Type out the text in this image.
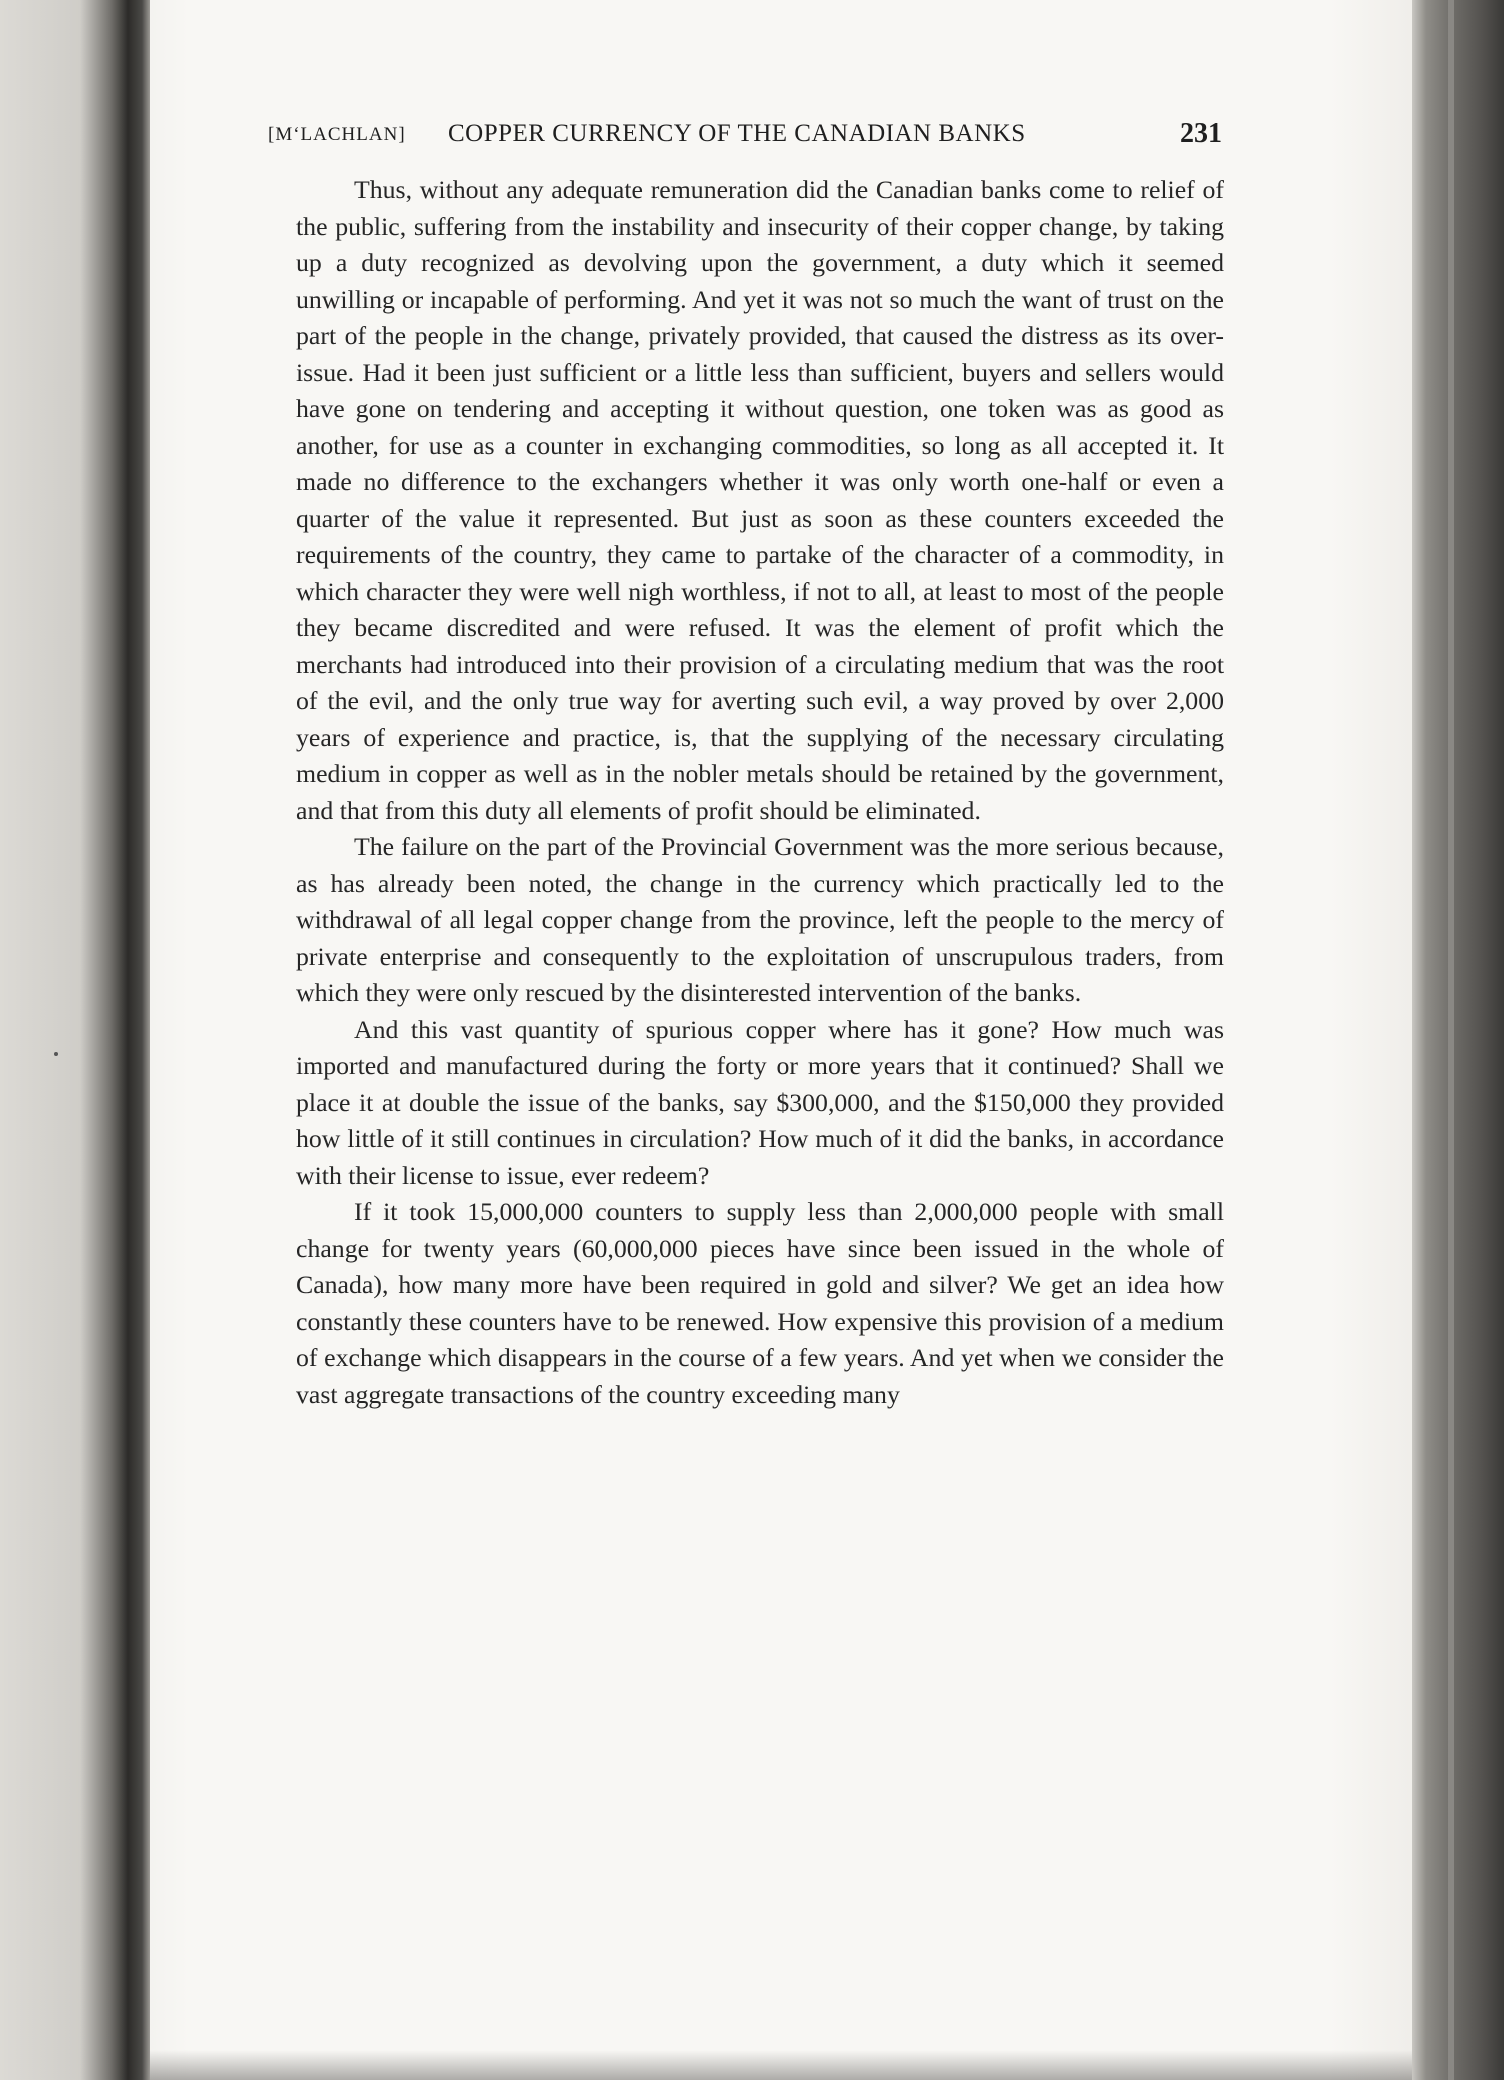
[M‘LACHLAN] COPPER CURRENCY OF THE CANADIAN BANKS	231

Thus, without any adequate remuneration did the Canadian banks come to relief of the public, suffering from the instability and insecurity of their copper change, by taking up a duty recognized as devolving upon the government, a duty which it seemed unwilling or incapable of performing. And yet it was not so much the want of trust on the part of the people in the change, privately provided, that caused the distress as its over-issue. Had it been just sufficient or a little less than sufficient, buyers and sellers would have gone on tendering and accepting it without question, one token was as good as another, for use as a counter in exchanging commodities, so long as all accepted it. It made no difference to the exchangers whether it was only worth one-half or even a quarter of the value it represented. But just as soon as these counters exceeded the requirements of the country, they came to partake of the character of a commodity, in which character they were well nigh worthless, if not to all, at least to most of the people they became discredited and were refused. It was the element of profit which the merchants had introduced into their provision of a circulating medium that was the root of the evil, and the only true way for averting such evil, a way proved by over 2,000 years of experience and practice, is, that the supplying of the necessary circulating medium in copper as well as in the nobler metals should be retained by the government, and that from this duty all elements of profit should be eliminated.

The failure on the part of the Provincial Government was the more serious because, as has already been noted, the change in the currency which practically led to the withdrawal of all legal copper change from the province, left the people to the mercy of private enterprise and consequently to the exploitation of unscrupulous traders, from which they were only rescued by the disinterested intervention of the banks.

And this vast quantity of spurious copper where has it gone? How much was imported and manufactured during the forty or more years that it continued? Shall we place it at double the issue of the banks, say $300,000, and the $150,000 they provided how little of it still continues in circulation? How much of it did the banks, in accordance with their license to issue, ever redeem?

If it took 15,000,000 counters to supply less than 2,000,000 people with small change for twenty years (60,000,000 pieces have since been issued in the whole of Canada), how many more have been required in gold and silver? We get an idea how constantly these counters have to be renewed. How expensive this provision of a medium of exchange which disappears in the course of a few years. And yet when we consider the vast aggregate transactions of the country exceeding many
